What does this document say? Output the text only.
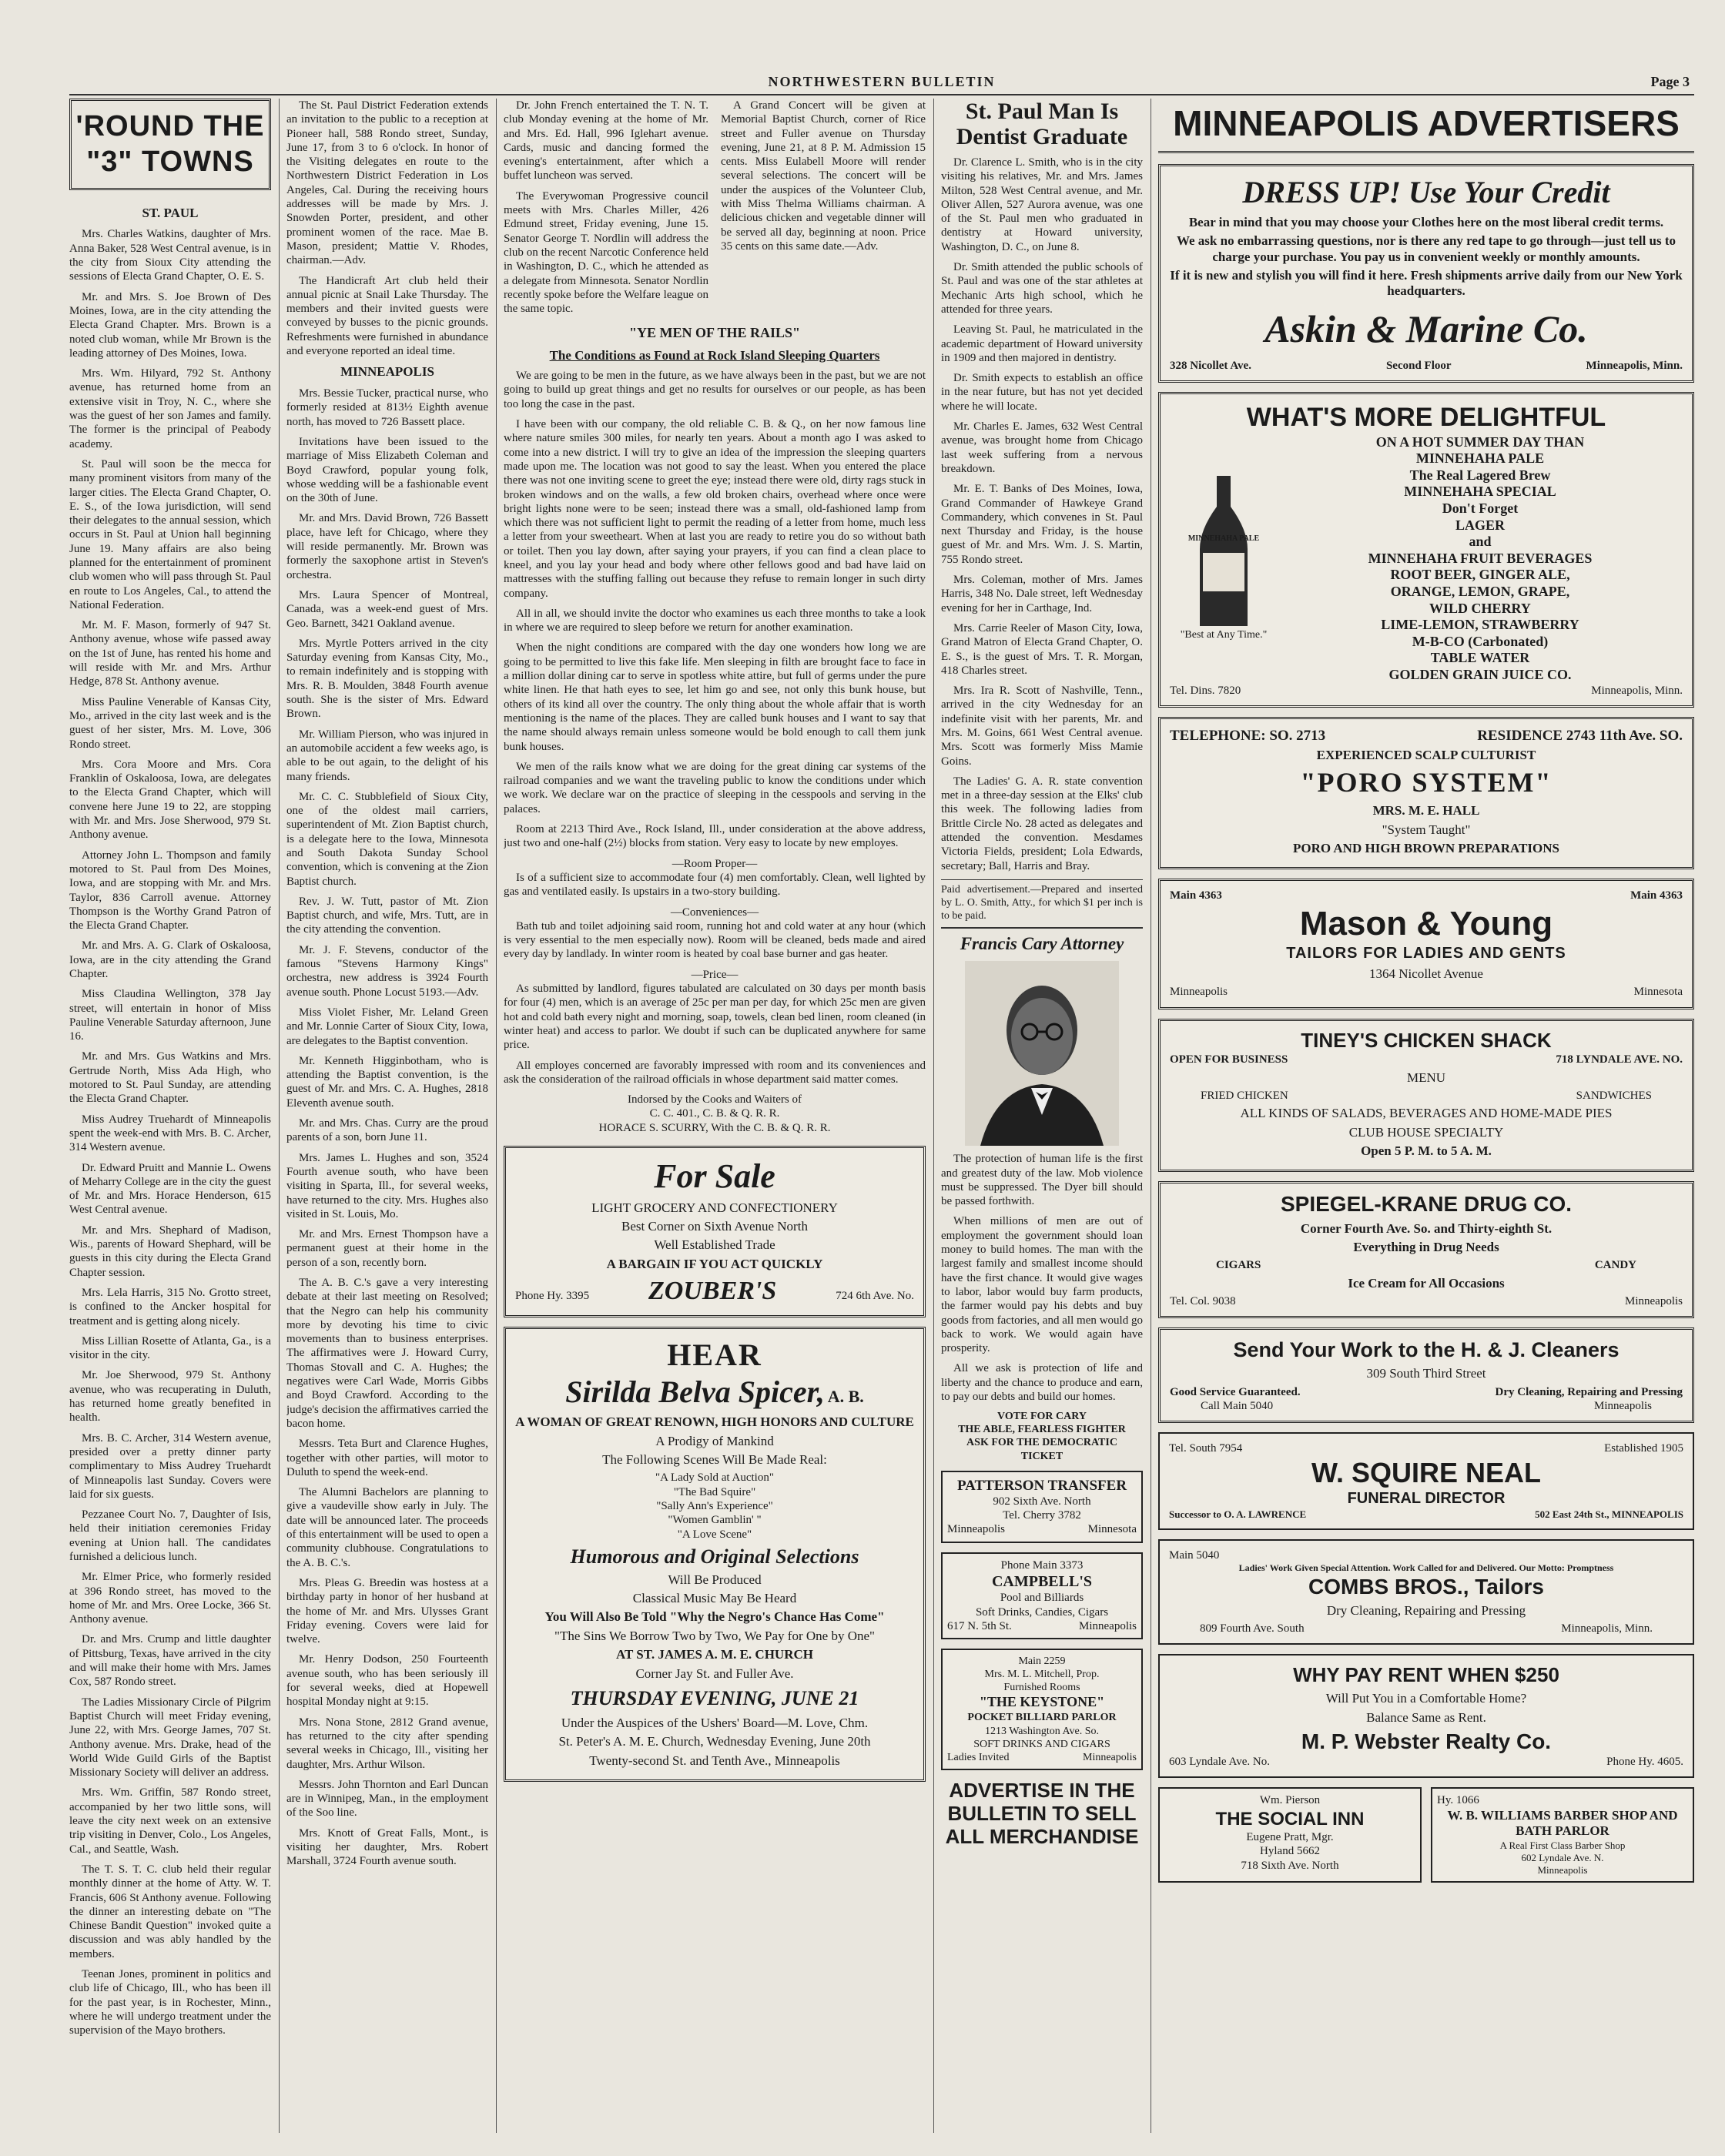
NORTHWESTERN BULLETIN	Page 3
'ROUND THE "3" TOWNS
ST. PAUL

Mrs. Charles Watkins, daughter of Mrs. Anna Baker, 528 West Central avenue, is in the city from Sioux City attending the sessions of Electa Grand Chapter, O. E. S.

Mr. and Mrs. S. Joe Brown of Des Moines, Iowa, are in the city attending the Electa Grand Chapter. Mrs. Brown is a noted club woman, while Mr Brown is the leading attorney of Des Moines, Iowa.

Mrs. Wm. Hilyard, 792 St. Anthony avenue, has returned home from an extensive visit in Troy, N. C., where she was the guest of her son James and family. The former is the principal of Peabody academy.

St. Paul will soon be the mecca for many prominent visitors from many of the larger cities. The Electa Grand Chapter, O. E. S., of the Iowa jurisdiction, will send their delegates to the annual session, which occurs in St. Paul at Union hall beginning June 19. Many affairs are also being planned for the entertainment of prominent club women who will pass through St. Paul en route to Los Angeles, Cal., to attend the National Federation.

Mr. M. F. Mason, formerly of 947 St. Anthony avenue, whose wife passed away on the 1st of June, has rented his home and will reside with Mr. and Mrs. Arthur Hedge, 878 St. Anthony avenue.

Miss Pauline Venerable of Kansas City, Mo., arrived in the city last week and is the guest of her sister, Mrs. M. Love, 306 Rondo street.

Mrs. Cora Moore and Mrs. Cora Franklin of Oskaloosa, Iowa, are delegates to the Electa Grand Chapter, which will convene here June 19 to 22, are stopping with Mr. and Mrs. Jose Sherwood, 979 St. Anthony avenue.

Attorney John L. Thompson and family motored to St. Paul from Des Moines, Iowa, and are stopping with Mr. and Mrs. Taylor, 836 Carroll avenue. Attorney Thompson is the Worthy Grand Patron of the Electa Grand Chapter.

Mr. and Mrs. A. G. Clark of Oskaloosa, Iowa, are in the city attending the Grand Chapter.

Miss Claudina Wellington, 378 Jay street, will entertain in honor of Miss Pauline Venerable Saturday afternoon, June 16.

Mr. and Mrs. Gus Watkins and Mrs. Gertrude North, Miss Ada High, who motored to St. Paul Sunday, are attending the Electa Grand Chapter.

Miss Audrey Truehardt of Minneapolis spent the week-end with Mrs. B. C. Archer, 314 Western avenue.

Dr. Edward Pruitt and Mannie L. Owens of Meharry College are in the city the guest of Mr. and Mrs. Horace Henderson, 615 West Central avenue.

Mr. and Mrs. Shephard of Madison, Wis., parents of Howard Shephard, will be guests in this city during the Electa Grand Chapter session.

Mrs. Lela Harris, 315 No. Grotto street, is confined to the Ancker hospital for treatment and is getting along nicely.

Miss Lillian Rosette of Atlanta, Ga., is a visitor in the city.

Mr. Joe Sherwood, 979 St. Anthony avenue, who was recuperating in Duluth, has returned home greatly benefited in health.

Mrs. B. C. Archer, 314 Western avenue, presided over a pretty dinner party complimentary to Miss Audrey Truehardt of Minneapolis last Sunday. Covers were laid for six guests.

Pezzanee Court No. 7, Daughter of Isis, held their initiation ceremonies Friday evening at Union hall. The candidates furnished a delicious lunch.

Mr. Elmer Price, who formerly resided at 396 Rondo street, has moved to the home of Mr. and Mrs. Oree Locke, 366 St. Anthony avenue.

Dr. and Mrs. Crump and little daughter of Pittsburg, Texas, have arrived in the city and will make their home with Mrs. James Cox, 587 Rondo street.

The Ladies Missionary Circle of Pilgrim Baptist Church will meet Friday evening, June 22, with Mrs. George James, 707 St. Anthony avenue. Mrs. Drake, head of the World Wide Guild Girls of the Baptist Missionary Society will deliver an address.

Mrs. Wm. Griffin, 587 Rondo street, accompanied by her two little sons, will leave the city next week on an extensive trip visiting in Denver, Colo., Los Angeles, Cal., and Seattle, Wash.

The T. S. T. C. club held their regular monthly dinner at the home of Atty. W. T. Francis, 606 St Anthony avenue. Following the dinner an interesting debate on "The Chinese Bandit Question" invoked quite a discussion and was ably handled by the members.

Teenan Jones, prominent in politics and club life of Chicago, Ill., who has been ill for the past year, is in Rochester, Minn., where he will undergo treatment under the supervision of the Mayo brothers.

The St. Paul District Federation extends an invitation to the public to a reception at Pioneer hall, 588 Rondo street, Sunday, June 17, from 3 to 6 o'clock. In honor of the Visiting delegates en route to the Northwestern District Federation in Los Angeles, Cal. During the receiving hours addresses will be made by Mrs. J. Snowden Porter, president, and other prominent women of the race. Mae B. Mason, president; Mattie V. Rhodes, chairman.—Adv.

The Handicraft Art club held their annual picnic at Snail Lake Thursday. The members and their invited guests were conveyed by busses to the picnic grounds. Refreshments were furnished in abundance and everyone reported an ideal time.

MINNEAPOLIS

Mrs. Bessie Tucker, practical nurse, who formerly resided at 813½ Eighth avenue north, has moved to 726 Bassett place.

Invitations have been issued to the marriage of Miss Elizabeth Coleman and Boyd Crawford, popular young folk, whose wedding will be a fashionable event on the 30th of June.

Mr. and Mrs. David Brown, 726 Bassett place, have left for Chicago, where they will reside permanently. Mr. Brown was formerly the saxophone artist in Steven's orchestra.

Mrs. Laura Spencer of Montreal, Canada, was a week-end guest of Mrs. Geo. Barnett, 3421 Oakland avenue.

Mrs. Myrtle Potters arrived in the city Saturday evening from Kansas City, Mo., to remain indefinitely and is stopping with Mrs. R. B. Moulden, 3848 Fourth avenue south. She is the sister of Mrs. Edward Brown.

Mr. William Pierson, who was injured in an automobile accident a few weeks ago, is able to be out again, to the delight of his many friends.

Mr. C. C. Stubblefield of Sioux City, one of the oldest mail carriers, superintendent of Mt. Zion Baptist church, is a delegate here to the Iowa, Minnesota and South Dakota Sunday School convention, which is convening at the Zion Baptist church.

Rev. J. W. Tutt, pastor of Mt. Zion Baptist church, and wife, Mrs. Tutt, are in the city attending the convention.

Mr. J. F. Stevens, conductor of the famous "Stevens Harmony Kings" orchestra, new address is 3924 Fourth avenue south. Phone Locust 5193.—Adv.

Miss Violet Fisher, Mr. Leland Green and Mr. Lonnie Carter of Sioux City, Iowa, are delegates to the Baptist convention.

Mr. Kenneth Higginbotham, who is attending the Baptist convention, is the guest of Mr. and Mrs. C. A. Hughes, 2818 Eleventh avenue south.

Mr. and Mrs. Chas. Curry are the proud parents of a son, born June 11.

Mrs. James L. Hughes and son, 3524 Fourth avenue south, who have been visiting in Sparta, Ill., for several weeks, have returned to the city. Mrs. Hughes also visited in St. Louis, Mo.

Mr. and Mrs. Ernest Thompson have a permanent guest at their home in the person of a son, recently born.

The A. B. C.'s gave a very interesting debate at their last meeting on Resolved; that the Negro can help his community more by devoting his time to civic movements than to business enterprises. The affirmatives were J. Howard Curry, Thomas Stovall and C. A. Hughes; the negatives were Carl Wade, Morris Gibbs and Boyd Crawford. According to the judge's decision the affirmatives carried the bacon home.

Messrs. Teta Burt and Clarence Hughes, together with other parties, will motor to Duluth to spend the week-end.

The Alumni Bachelors are planning to give a vaudeville show early in July. The date will be announced later. The proceeds of this entertainment will be used to open a community clubhouse. Congratulations to the A. B. C.'s.

Mrs. Pleas G. Breedin was hostess at a birthday party in honor of her husband at the home of Mr. and Mrs. Ulysses Grant Friday evening. Covers were laid for twelve.

Mr. Henry Dodson, 250 Fourteenth avenue south, who has been seriously ill for several weeks, died at Hopewell hospital Monday night at 9:15.

Mrs. Nona Stone, 2812 Grand avenue, has returned to the city after spending several weeks in Chicago, Ill., visiting her daughter, Mrs. Arthur Wilson.

Messrs. John Thornton and Earl Duncan are in Winnipeg, Man., in the employment of the Soo line.

Mrs. Knott of Great Falls, Mont., is visiting her daughter, Mrs. Robert Marshall, 3724 Fourth avenue south.

Dr. John French entertained the T. N. T. club Monday evening at the home of Mr. and Mrs. Ed. Hall, 996 Iglehart avenue. Cards, music and dancing formed the evening's entertainment, after which a buffet luncheon was served.

The Everywoman Progressive council meets with Mrs. Charles Miller, 426 Edmund street, Friday evening, June 15. Senator George T. Nordlin will address the club on the recent Narcotic Conference held in Washington, D. C., which he attended as a delegate from Minnesota. Senator Nordlin recently spoke before the Welfare league on the same topic.

A Grand Concert will be given at Memorial Baptist Church, corner of Rice street and Fuller avenue on Thursday evening, June 21, at 8 P. M. Admission 15 cents. Miss Eulabell Moore will render several selections. The concert will be under the auspices of the Volunteer Club, with Miss Thelma Williams chairman. A delicious chicken and vegetable dinner will be served all day, beginning at noon. Price 35 cents on this same date.—Adv.

"YE MEN OF THE RAILS"
The Conditions as Found at Rock Island Sleeping Quarters

We are going to be men in the future, as we have always been in the past, but we are not going to build up great things and get no results for ourselves or our people, as has been too long the case in the past.

I have been with our company, the old reliable C. B. & Q., on her now famous line where nature smiles 300 miles, for nearly ten years. About a month ago I was asked to come into a new district. I will try to give an idea of the impression the sleeping quarters made upon me. The location was not good to say the least. When you entered the place there was not one inviting scene to greet the eye; instead there were old, dirty rags stuck in broken windows and on the walls, a few old broken chairs, overhead where once were bright lights none were to be seen; instead there was a small, old-fashioned lamp from which there was not sufficient light to permit the reading of a letter from home, much less a letter from your sweetheart. When at last you are ready to retire you do so without bath or toilet. Then you lay down, after saying your prayers, if you can find a clean place to kneel, and you lay your head and body where other fellows good and bad have laid on mattresses with the stuffing falling out because they refuse to remain longer in such dirty company.

All in all, we should invite the doctor who examines us each three months to take a look in where we are required to sleep before we return for another examination.

When the night conditions are compared with the day one wonders how long we are going to be permitted to live this fake life. Men sleeping in filth are brought face to face in a million dollar dining car to serve in spotless white attire, but full of germs under the pure white linen. He that hath eyes to see, let him go and see, not only this bunk house, but others of its kind all over the country. The only thing about the whole affair that is worth mentioning is the name of the places. They are called bunk houses and I want to say that the name should always remain unless someone would be bold enough to call them junk bunk houses.

We men of the rails know what we are doing for the great dining car systems of the railroad companies and we want the traveling public to know the conditions under which we work. We declare war on the practice of sleeping in the cesspools and serving in the palaces.

Room at 2213 Third Ave., Rock Island, Ill., under consideration at the above address, just two and one-half (2½) blocks from station. Very easy to locate by new employes.

—Room Proper—

Is of a sufficient size to accommodate four (4) men comfortably. Clean, well lighted by gas and ventilated easily. Is upstairs in a two-story building.

—Conveniences—

Bath tub and toilet adjoining said room, running hot and cold water at any hour (which is very essential to the men especially now). Room will be cleaned, beds made and aired every day by landlady. In winter room is heated by coal base burner and gas heater.

—Price—

As submitted by landlord, figures tabulated are calculated on 30 days per month basis for four (4) men, which is an average of 25c per man per day, for which 25c men are given hot and cold bath every night and morning, soap, towels, clean bed linen, room cleaned (in winter heat) and access to parlor. We doubt if such can be duplicated anywhere for same price.

All employes concerned are favorably impressed with room and its conveniences and ask the consideration of the railroad officials in whose department said matter comes.

Indorsed by the Cooks and Waiters of
C. C. 401., C. B. & Q. R. R.
HORACE S. SCURRY, With the C. B. & Q. R. R.
For Sale
LIGHT GROCERY AND CONFECTIONERY
Best Corner on Sixth Avenue North
Well Established Trade
A BARGAIN IF YOU ACT QUICKLY
Phone Hy. 3395 ZOUBER'S	724 6th Ave. No.
HEAR
Sirilda Belva Spicer, A. B.
A WOMAN OF GREAT RENOWN, HIGH HONORS AND CULTURE
A Prodigy of Mankind
The Following Scenes Will Be Made Real:
"A Lady Sold at Auction"
"The Bad Squire"
"Sally Ann's Experience"
"Women Gamblin' "
"A Love Scene"
Humorous and Original Selections
Will Be Produced
Classical Music May Be Heard
You Will Also Be Told "Why the Negro's Chance Has Come"
"The Sins We Borrow Two by Two, We Pay for One by One"
AT ST. JAMES A. M. E. CHURCH
Corner Jay St. and Fuller Ave.
THURSDAY EVENING, JUNE 21
Under the Auspices of the Ushers' Board—M. Love, Chm.
St. Peter's A. M. E. Church, Wednesday Evening, June 20th
Twenty-second St. and Tenth Ave., Minneapolis
St. Paul Man Is Dentist Graduate

Dr. Clarence L. Smith, who is in the city visiting his relatives, Mr. and Mrs. James Milton, 528 West Central avenue, and Mr. Oliver Allen, 527 Aurora avenue, was one of the St. Paul men who graduated in dentistry at Howard university, Washington, D. C., on June 8.

Dr. Smith attended the public schools of St. Paul and was one of the star athletes at Mechanic Arts high school, which he attended for three years.

Leaving St. Paul, he matriculated in the academic department of Howard university in 1909 and then majored in dentistry.

Dr. Smith expects to establish an office in the near future, but has not yet decided where he will locate.

Mr. Charles E. James, 632 West Central avenue, was brought home from Chicago last week suffering from a nervous breakdown.

Mr. E. T. Banks of Des Moines, Iowa, Grand Commander of Hawkeye Grand Commandery, which convenes in St. Paul next Thursday and Friday, is the house guest of Mr. and Mrs. Wm. J. S. Martin, 755 Rondo street.

Mrs. Coleman, mother of Mrs. James Harris, 348 No. Dale street, left Wednesday evening for her in Carthage, Ind.

Mrs. Carrie Reeler of Mason City, Iowa, Grand Matron of Electa Grand Chapter, O. E. S., is the guest of Mrs. T. R. Morgan, 418 Charles street.

Mrs. Ira R. Scott of Nashville, Tenn., arrived in the city Wednesday for an indefinite visit with her parents, Mr. and Mrs. M. Goins, 661 West Central avenue. Mrs. Scott was formerly Miss Mamie Goins.

The Ladies' G. A. R. state convention met in a three-day session at the Elks' club this week. The following ladies from Brittle Circle No. 28 acted as delegates and attended the convention. Mesdames Victoria Fields, president; Lola Edwards, secretary; Ball, Harris and Bray.

Paid advertisement.—Prepared and inserted by L. O. Smith, Atty., for which $1 per inch is to be paid.
Francis Cary Attorney

The protection of human life is the first and greatest duty of the law. Mob violence must be suppressed. The Dyer bill should be passed forthwith.

When millions of men are out of employment the government should loan money to build homes. The man with the largest family and smallest income should have the first chance. It would give wages to labor, labor would buy farm products, the farmer would pay his debts and buy goods from factories, and all men would go back to work. We would again have prosperity.

All we ask is protection of life and liberty and the chance to produce and earn, to pay our debts and build our homes.

VOTE FOR CARY
THE ABLE, FEARLESS FIGHTER
ASK FOR THE DEMOCRATIC
TICKET
PATTERSON TRANSFER
902 Sixth Ave. North
Tel. Cherry 3782
Minneapolis	Minnesota
Phone Main 3373
CAMPBELL'S
Pool and Billiards
Soft Drinks, Candies, Cigars
617 N. 5th St.	Minneapolis
Main 2259
Mrs. M. L. Mitchell, Prop.
Furnished Rooms
"THE KEYSTONE"
POCKET BILLIARD PARLOR
1213 Washington Ave. So.
SOFT DRINKS AND CIGARS
Ladies Invited	Minneapolis
ADVERTISE IN THE
BULLETIN TO SELL
ALL MERCHANDISE
MINNEAPOLIS ADVERTISERS
DRESS UP! Use Your Credit
Bear in mind that you may choose your Clothes here on the most liberal credit terms.
We ask no embarrassing questions, nor is there any red tape to go through—just tell us to charge your purchase. You pay us in convenient weekly or monthly amounts.
If it is new and stylish you will find it here. Fresh shipments arrive daily from our New York headquarters.
Askin & Marine Co.
328 Nicollet Ave.	Second Floor	Minneapolis, Minn.
WHAT'S MORE DELIGHTFUL
MINNEHAHA PALE
"Best at Any Time."
ON A HOT SUMMER DAY THAN
MINNEHAHA PALE
The Real Lagered Brew
MINNEHAHA SPECIAL
Don't Forget
LAGER
and
MINNEHAHA FRUIT BEVERAGES
ROOT BEER, GINGER ALE,
ORANGE, LEMON, GRAPE,
WILD CHERRY
LIME-LEMON, STRAWBERRY
M-B-CO (Carbonated)
TABLE WATER
GOLDEN GRAIN JUICE CO.
Tel. Dins. 7820	Minneapolis, Minn.
TELEPHONE: SO. 2713	RESIDENCE 2743 11th Ave. SO.
EXPERIENCED SCALP CULTURIST
"PORO SYSTEM"
MRS. M. E. HALL
"System Taught"
PORO AND HIGH BROWN PREPARATIONS
Main 4363	Main 4363
Mason & Young
TAILORS FOR LADIES AND GENTS
1364 Nicollet Avenue
Minneapolis	Minnesota
TINEY'S CHICKEN SHACK
OPEN FOR BUSINESS	718 LYNDALE AVE. NO.
MENU
FRIED CHICKEN	SANDWICHES
ALL KINDS OF SALADS, BEVERAGES AND HOME-MADE PIES
CLUB HOUSE SPECIALTY
Open 5 P. M. to 5 A. M.
SPIEGEL-KRANE DRUG CO.
Corner Fourth Ave. So. and Thirty-eighth St.
Everything in Drug Needs
CIGARS	CANDY
Ice Cream for All Occasions
Tel. Col. 9038	Minneapolis
Send Your Work to the H. & J. Cleaners
309 South Third Street
Good Service Guaranteed.	Dry Cleaning, Repairing and Pressing
Call Main 5040	Minneapolis
Tel. South 7954	Established 1905
W. SQUIRE NEAL
FUNERAL DIRECTOR
Successor to O. A. LAWRENCE	502 East 24th St., MINNEAPOLIS
Main 5040
Ladies' Work Given Special Attention. Work Called for and Delivered. Our Motto: Promptness
COMBS BROS., Tailors
Dry Cleaning, Repairing and Pressing
809 Fourth Ave. South	Minneapolis, Minn.
WHY PAY RENT WHEN $250
Will Put You in a Comfortable Home?
Balance Same as Rent.
M. P. Webster Realty Co.
603 Lyndale Ave. No.	Phone Hy. 4605.
Wm. Pierson
THE SOCIAL INN
Eugene Pratt, Mgr.
Hyland 5662
718 Sixth Ave. North
Hy. 1066
W. B. WILLIAMS BARBER SHOP AND BATH PARLOR
A Real First Class Barber Shop
602 Lyndale Ave. N.
Minneapolis
